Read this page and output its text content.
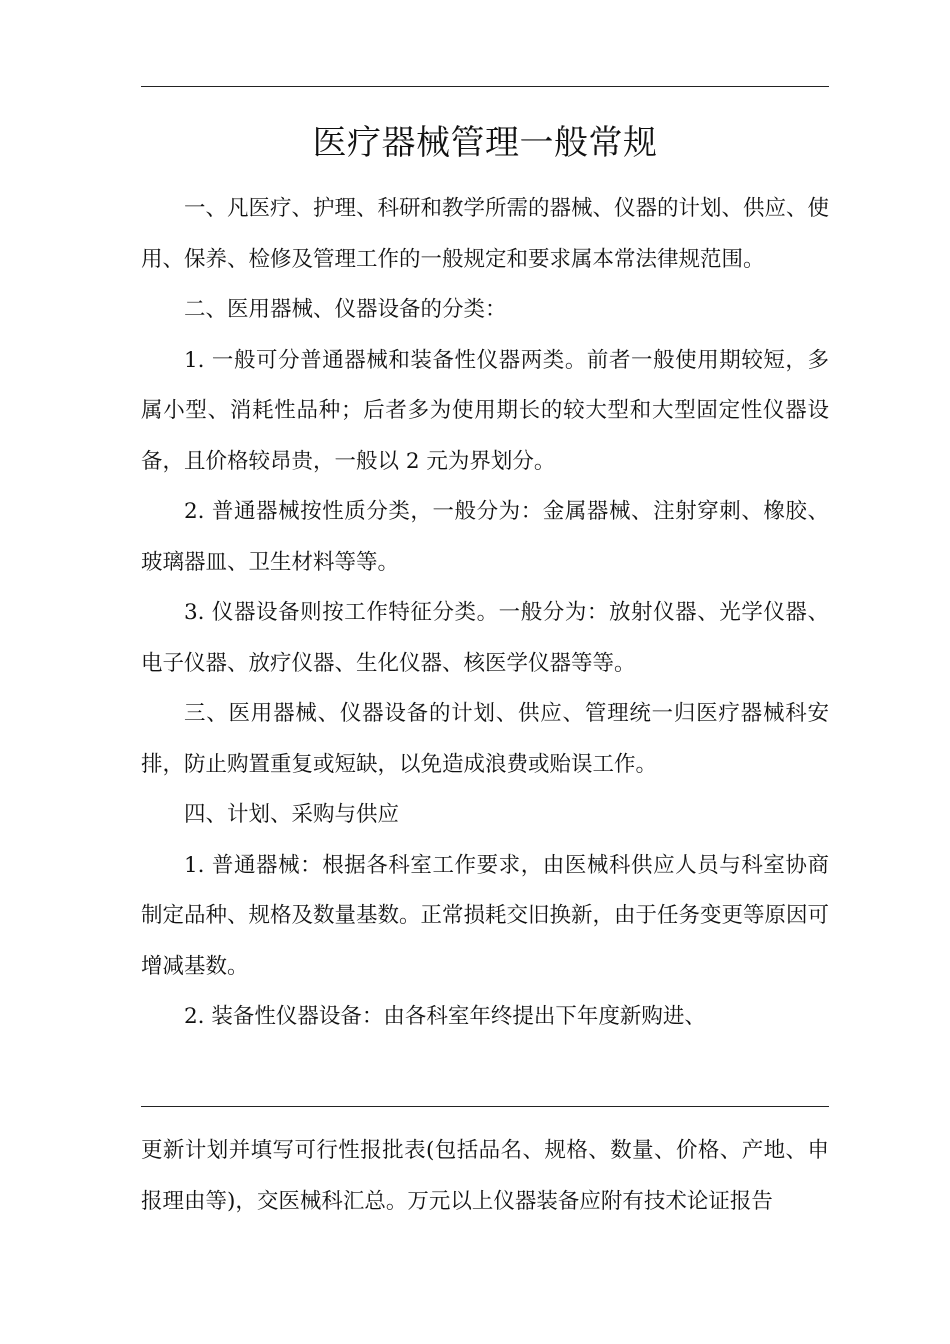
医疗器械管理一般常规

一、凡医疗、护理、科研和教学所需的器械、仪器的计划、供应、使用、保养、检修及管理工作的一般规定和要求属本常法律规范围。

二、医用器械、仪器设备的分类：

1. 一般可分普通器械和装备性仪器两类。前者一般使用期较短，多属小型、消耗性品种；后者多为使用期长的较大型和大型固定性仪器设备，且价格较昂贵，一般以 2 元为界划分。

2. 普通器械按性质分类，一般分为：金属器械、注射穿刺、橡胶、玻璃器皿、卫生材料等等。

3. 仪器设备则按工作特征分类。一般分为：放射仪器、光学仪器、电子仪器、放疗仪器、生化仪器、核医学仪器等等。

三、医用器械、仪器设备的计划、供应、管理统一归医疗器械科安排，防止购置重复或短缺，以免造成浪费或贻误工作。

四、计划、采购与供应

1. 普通器械：根据各科室工作要求，由医械科供应人员与科室协商制定品种、规格及数量基数。正常损耗交旧换新，由于任务变更等原因可增减基数。

2. 装备性仪器设备：由各科室年终提出下年度新购进、

更新计划并填写可行性报批表(包括品名、规格、数量、价格、产地、申报理由等)，交医械科汇总。万元以上仪器装备应附有技术论证报告
